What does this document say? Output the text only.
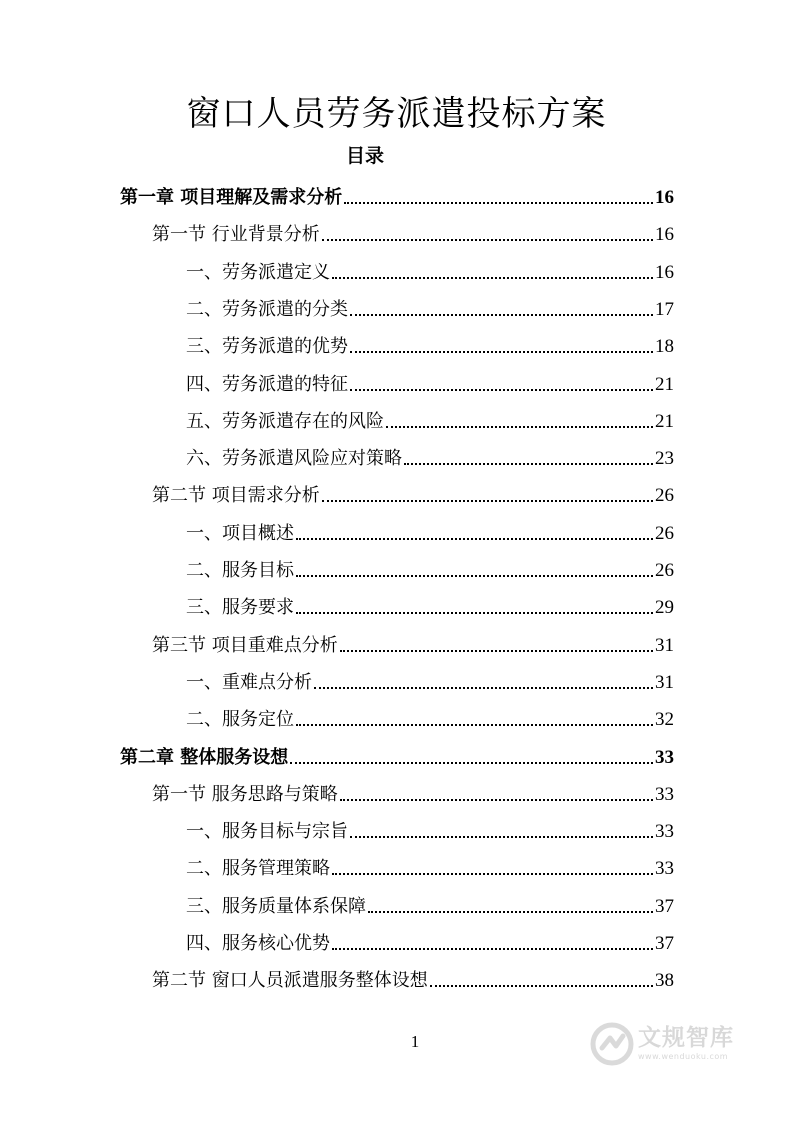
窗口人员劳务派遣投标方案
目录
第一章 项目理解及需求分析	16
第一节 行业背景分析	16
一、劳务派遣定义	16
二、劳务派遣的分类	17
三、劳务派遣的优势	18
四、劳务派遣的特征	21
五、劳务派遣存在的风险	21
六、劳务派遣风险应对策略	23
第二节 项目需求分析	26
一、项目概述	26
二、服务目标	26
三、服务要求	29
第三节 项目重难点分析	31
一、重难点分析	31
二、服务定位	32
第二章 整体服务设想	33
第一节 服务思路与策略	33
一、服务目标与宗旨	33
二、服务管理策略	33
三、服务质量体系保障	37
四、服务核心优势	37
第二节 窗口人员派遣服务整体设想	38
1	文规智库
www.wenduoku.com
